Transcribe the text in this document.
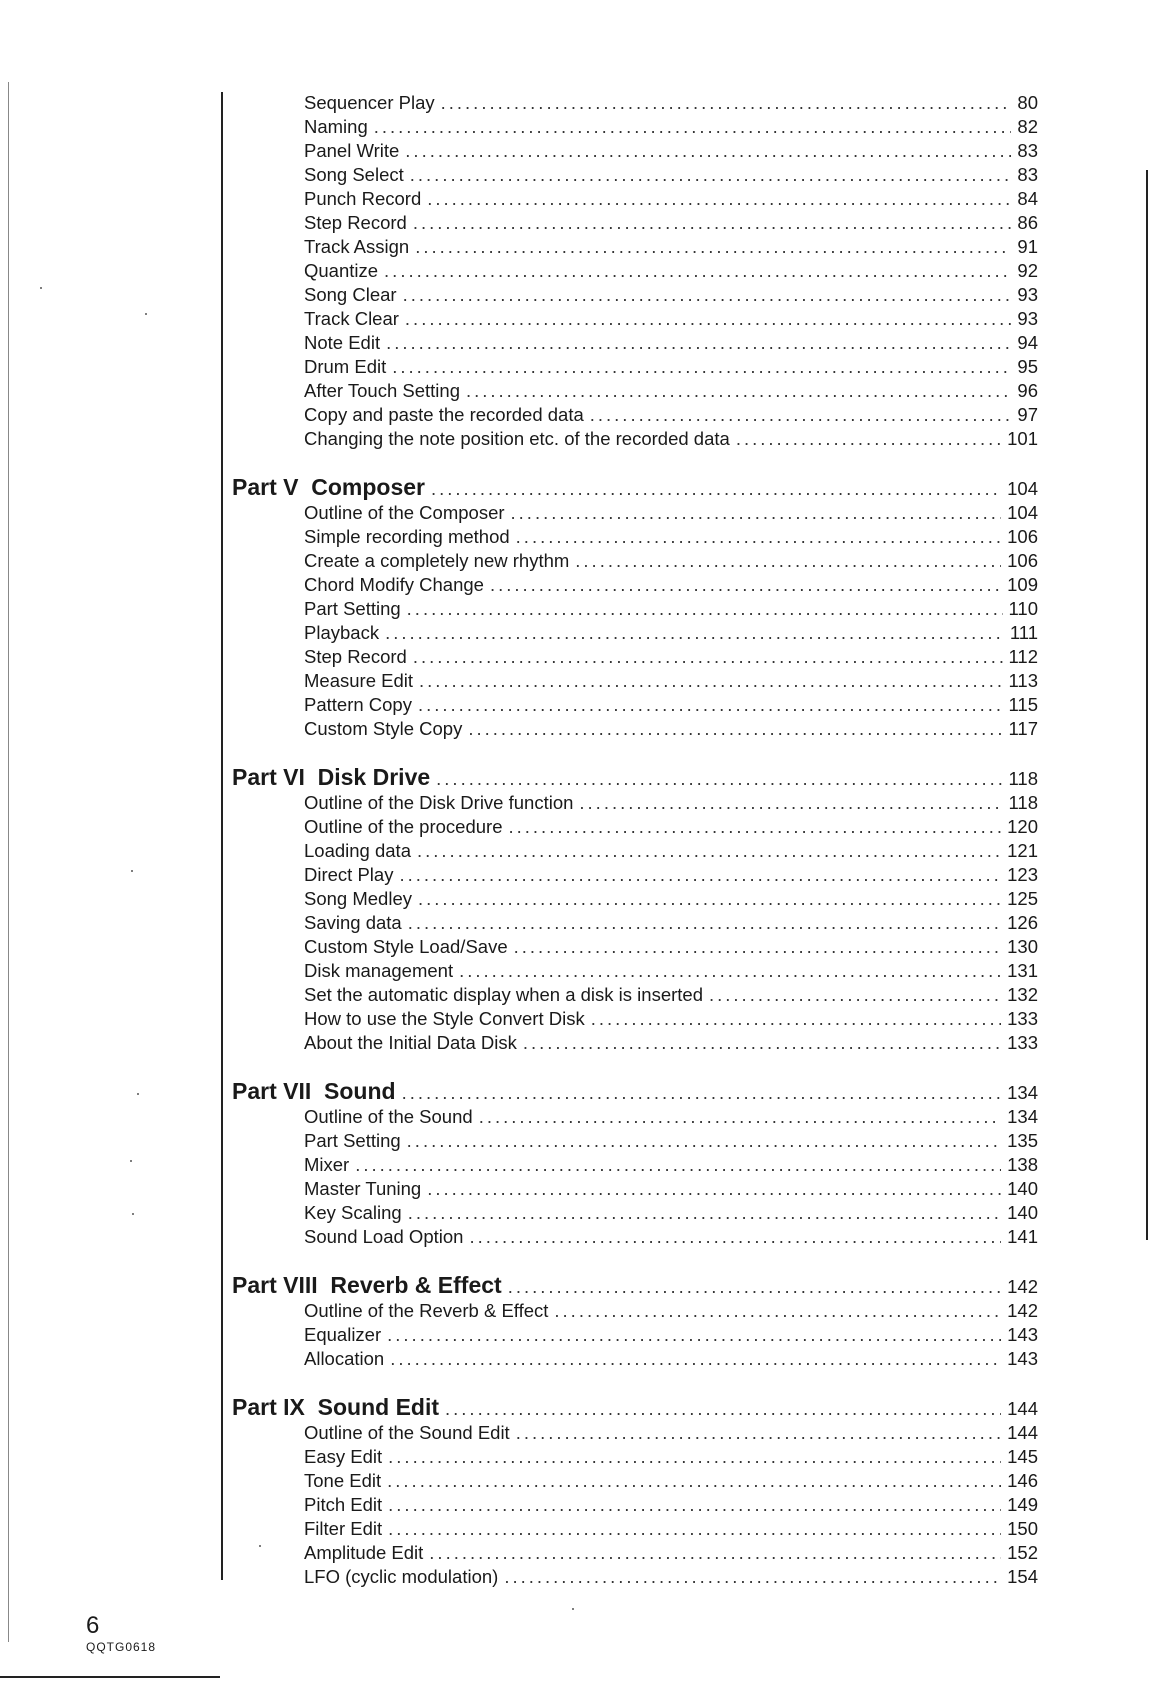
Sequencer Play .....	80
Naming .....	82
Panel Write .....	83
Song Select .....	83
Punch Record .....	84
Step Record .....	86
Track Assign .....	91
Quantize .....	92
Song Clear .....	93
Track Clear .....	93
Note Edit .....	94
Drum Edit .....	95
After Touch Setting .....	96
Copy and paste the recorded data .....	97
Changing the note position etc. of the recorded data .....	101
Part V  Composer .....	104
Outline of the Composer .....	104
Simple recording method .....	106
Create a completely new rhythm .....	106
Chord Modify Change .....	109
Part Setting .....	110
Playback .....	111
Step Record .....	112
Measure Edit .....	113
Pattern Copy .....	115
Custom Style Copy .....	117
Part VI  Disk Drive .....	118
Outline of the Disk Drive function .....	118
Outline of the procedure .....	120
Loading data .....	121
Direct Play .....	123
Song Medley .....	125
Saving data .....	126
Custom Style Load/Save .....	130
Disk management .....	131
Set the automatic display when a disk is inserted .....	132
How to use the Style Convert Disk .....	133
About the Initial Data Disk .....	133
Part VII  Sound .....	134
Outline of the Sound .....	134
Part Setting .....	135
Mixer .....	138
Master Tuning .....	140
Key Scaling .....	140
Sound Load Option .....	141
Part VIII  Reverb & Effect .....	142
Outline of the Reverb & Effect .....	142
Equalizer .....	143
Allocation .....	143
Part IX  Sound Edit .....	144
Outline of the Sound Edit .....	144
Easy Edit .....	145
Tone Edit .....	146
Pitch Edit .....	149
Filter Edit .....	150
Amplitude Edit .....	152
LFO (cyclic modulation) .....	154
6
QQTG0618
